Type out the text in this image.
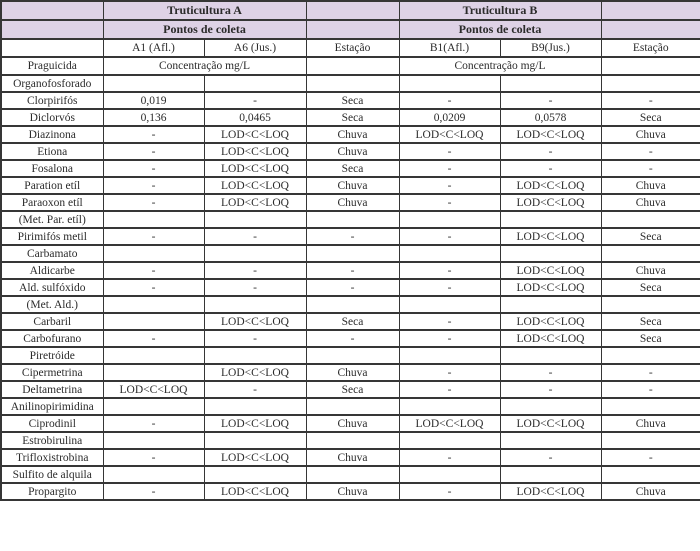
	Truticultura A			Truticultura B		
	Pontos de coleta			Pontos de coleta		
	A1 (Afl.)	A6 (Jus.)	Estação	B1(Afl.)	B9(Jus.)	Estação
Praguicida	Concentração mg/L			Concentração mg/L		
Organofosforado						
Clorpirifós	0,019	-	Seca	-	-	-
Diclorvós	0,136	0,0465	Seca	0,0209	0,0578	Seca
Diazinona	-	LOD<C<LOQ	Chuva	LOD<C<LOQ	LOD<C<LOQ	Chuva
Etiona	-	LOD<C<LOQ	Chuva	-	-	-
Fosalona	-	LOD<C<LOQ	Seca	-	-	-
Paration etíl	-	LOD<C<LOQ	Chuva	-	LOD<C<LOQ	Chuva
Paraoxon etíl	-	LOD<C<LOQ	Chuva	-	LOD<C<LOQ	Chuva
(Met. Par. etíl)						
Pirimifós metil	-	-	-	-	LOD<C<LOQ	Seca
Carbamato						
Aldicarbe	-	-	-	-	LOD<C<LOQ	Chuva
Ald. sulfóxido	-	-	-	-	LOD<C<LOQ	Seca
(Met. Ald.)						
Carbaril		LOD<C<LOQ	Seca	-	LOD<C<LOQ	Seca
Carbofurano	-	-	-	-	LOD<C<LOQ	Seca
Piretróide						
Cipermetrina		LOD<C<LOQ	Chuva	-	-	-
Deltametrina	LOD<C<LOQ	-	Seca	-	-	-
Anilinopirimidina						
Ciprodinil	-	LOD<C<LOQ	Chuva	LOD<C<LOQ	LOD<C<LOQ	Chuva
Estrobirulina						
Trifloxistrobina	-	LOD<C<LOQ	Chuva	-	-	-
Sulfito de alquila						
Propargito	-	LOD<C<LOQ	Chuva	-	LOD<C<LOQ	Chuva
